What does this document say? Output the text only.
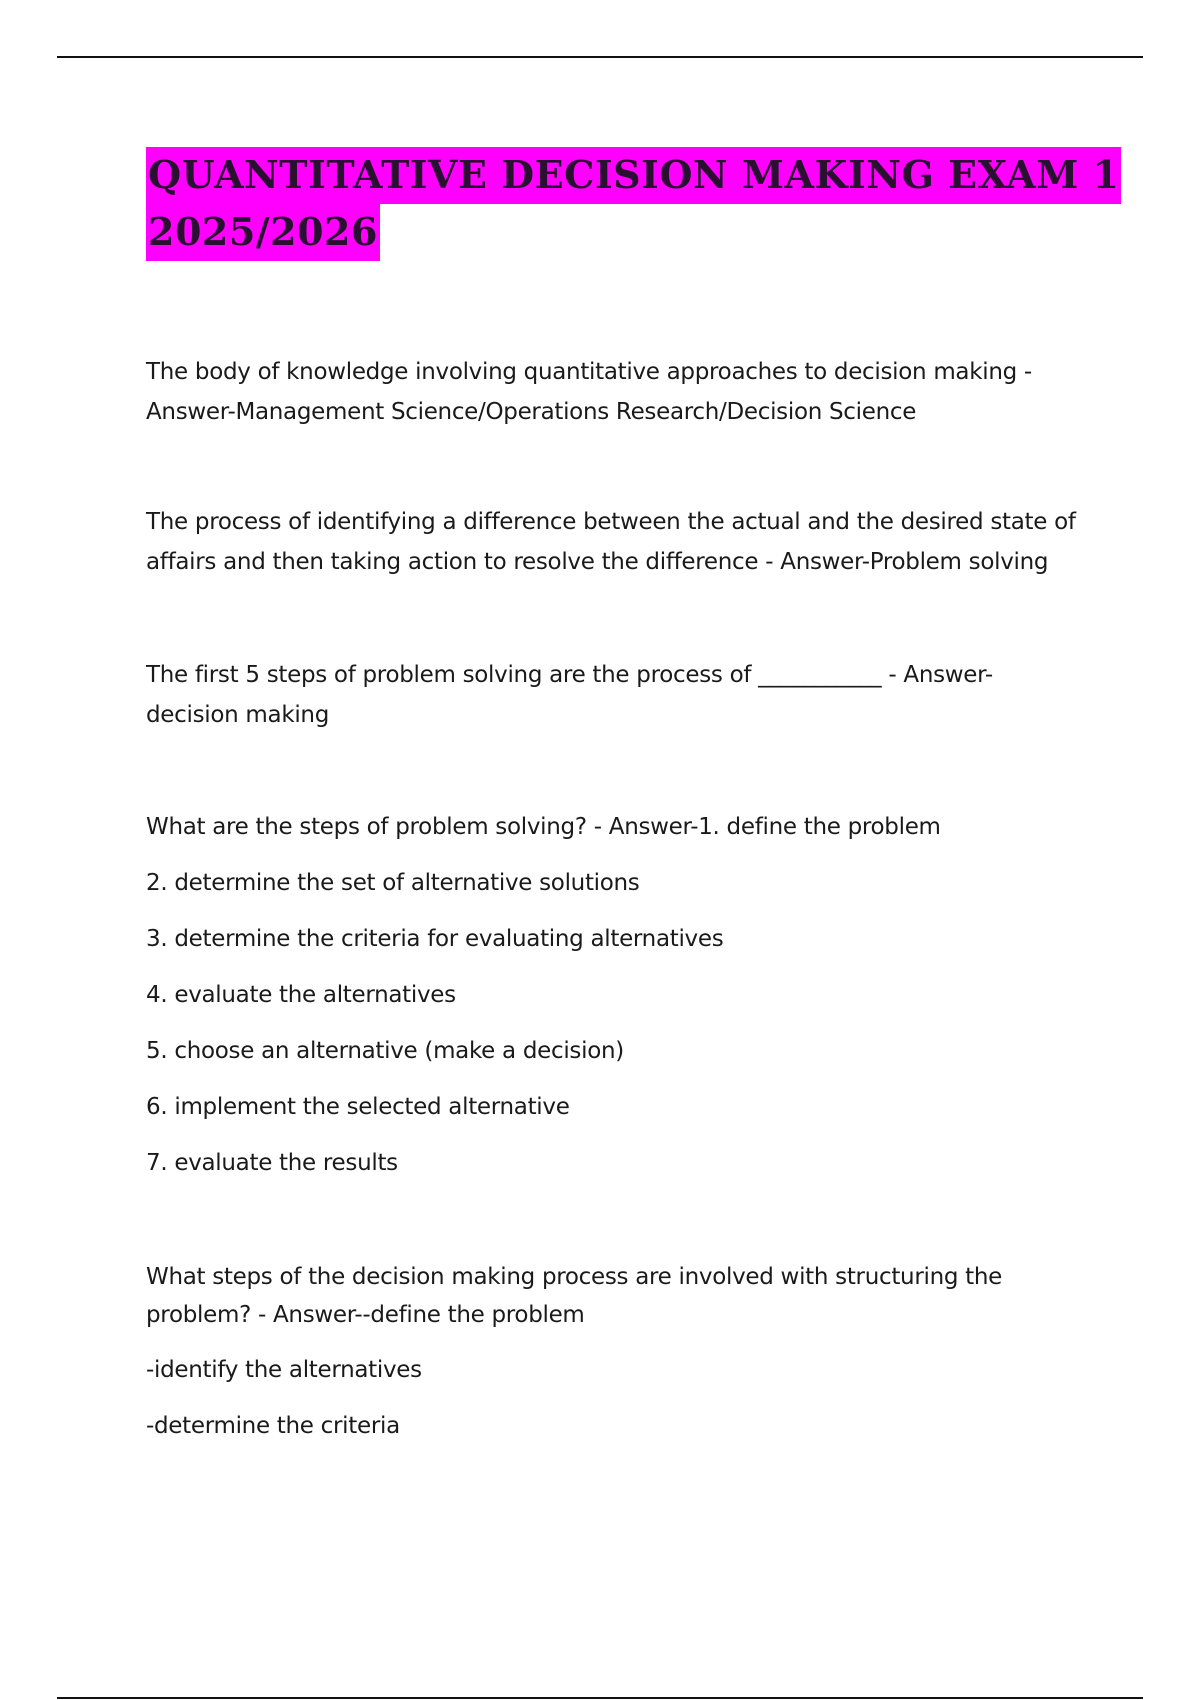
QUANTITATIVE DECISION MAKING EXAM 1
2025/2026

The body of knowledge involving quantitative approaches to decision making -

Answer-Management Science/Operations Research/Decision Science

The process of identifying a difference between the actual and the desired state of

affairs and then taking action to resolve the difference - Answer-Problem solving

The first 5 steps of problem solving are the process of ___________ - Answer-

decision making

What are the steps of problem solving? - Answer-1. define the problem

2. determine the set of alternative solutions

3. determine the criteria for evaluating alternatives

4. evaluate the alternatives

5. choose an alternative (make a decision)

6. implement the selected alternative

7. evaluate the results

What steps of the decision making process are involved with structuring the

problem? - Answer--define the problem

-identify the alternatives

-determine the criteria
